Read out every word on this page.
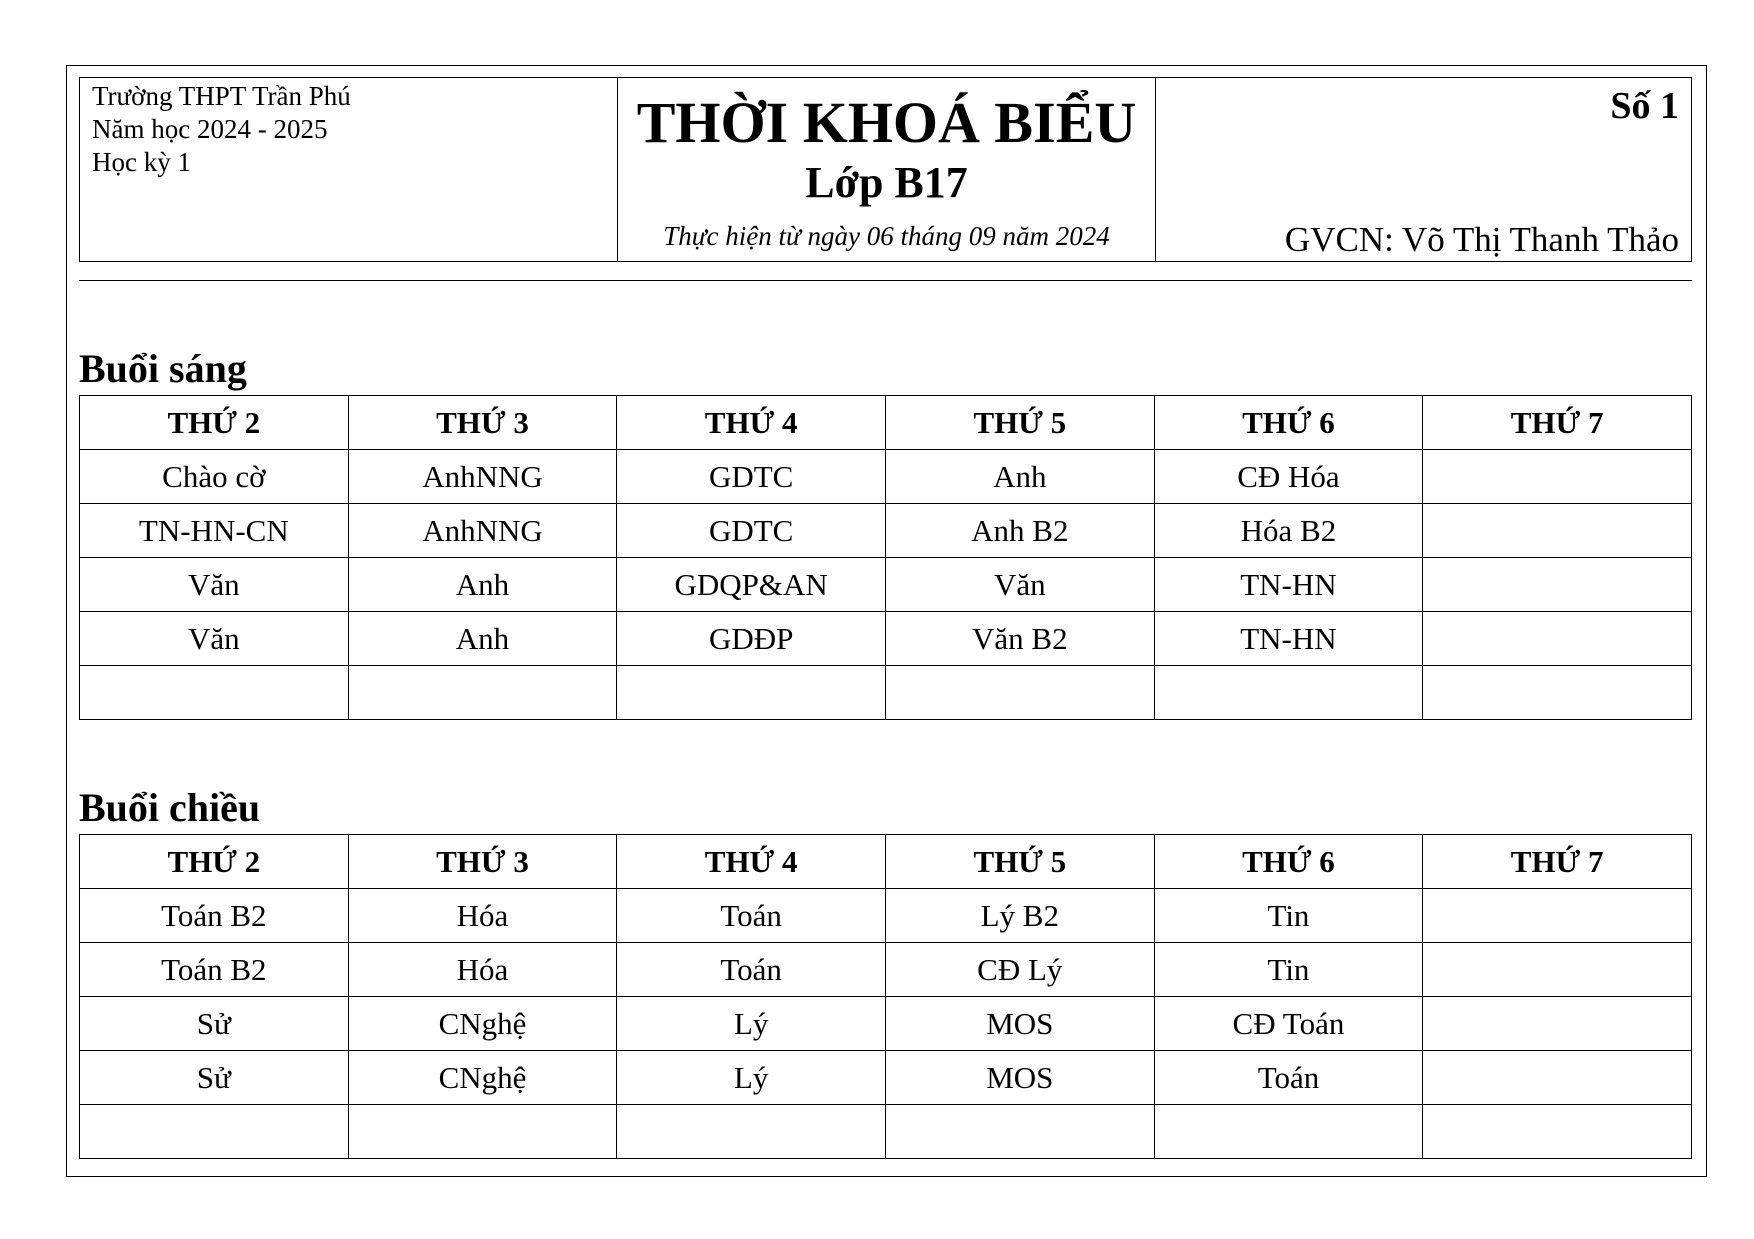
Trường THPT Trần Phú
Năm học 2024 - 2025
Học kỳ 1
THỜI KHOÁ BIỂU
Lớp B17
Thực hiện từ ngày 06 tháng 09 năm 2024
Số 1
GVCN: Võ Thị Thanh Thảo
Buổi sáng
THỨ 2	THỨ 3	THỨ 4	THỨ 5	THỨ 6	THỨ 7
Chào cờ	AnhNNG	GDTC	Anh	CĐ Hóa	
TN-HN-CN	AnhNNG	GDTC	Anh B2	Hóa B2	
Văn	Anh	GDQP&AN	Văn	TN-HN	
Văn	Anh	GDĐP	Văn B2	TN-HN	

Buổi chiều
THỨ 2	THỨ 3	THỨ 4	THỨ 5	THỨ 6	THỨ 7
Toán B2	Hóa	Toán	Lý B2	Tin	
Toán B2	Hóa	Toán	CĐ Lý	Tin	
Sử	CNghệ	Lý	MOS	CĐ Toán	
Sử	CNghệ	Lý	MOS	Toán	
